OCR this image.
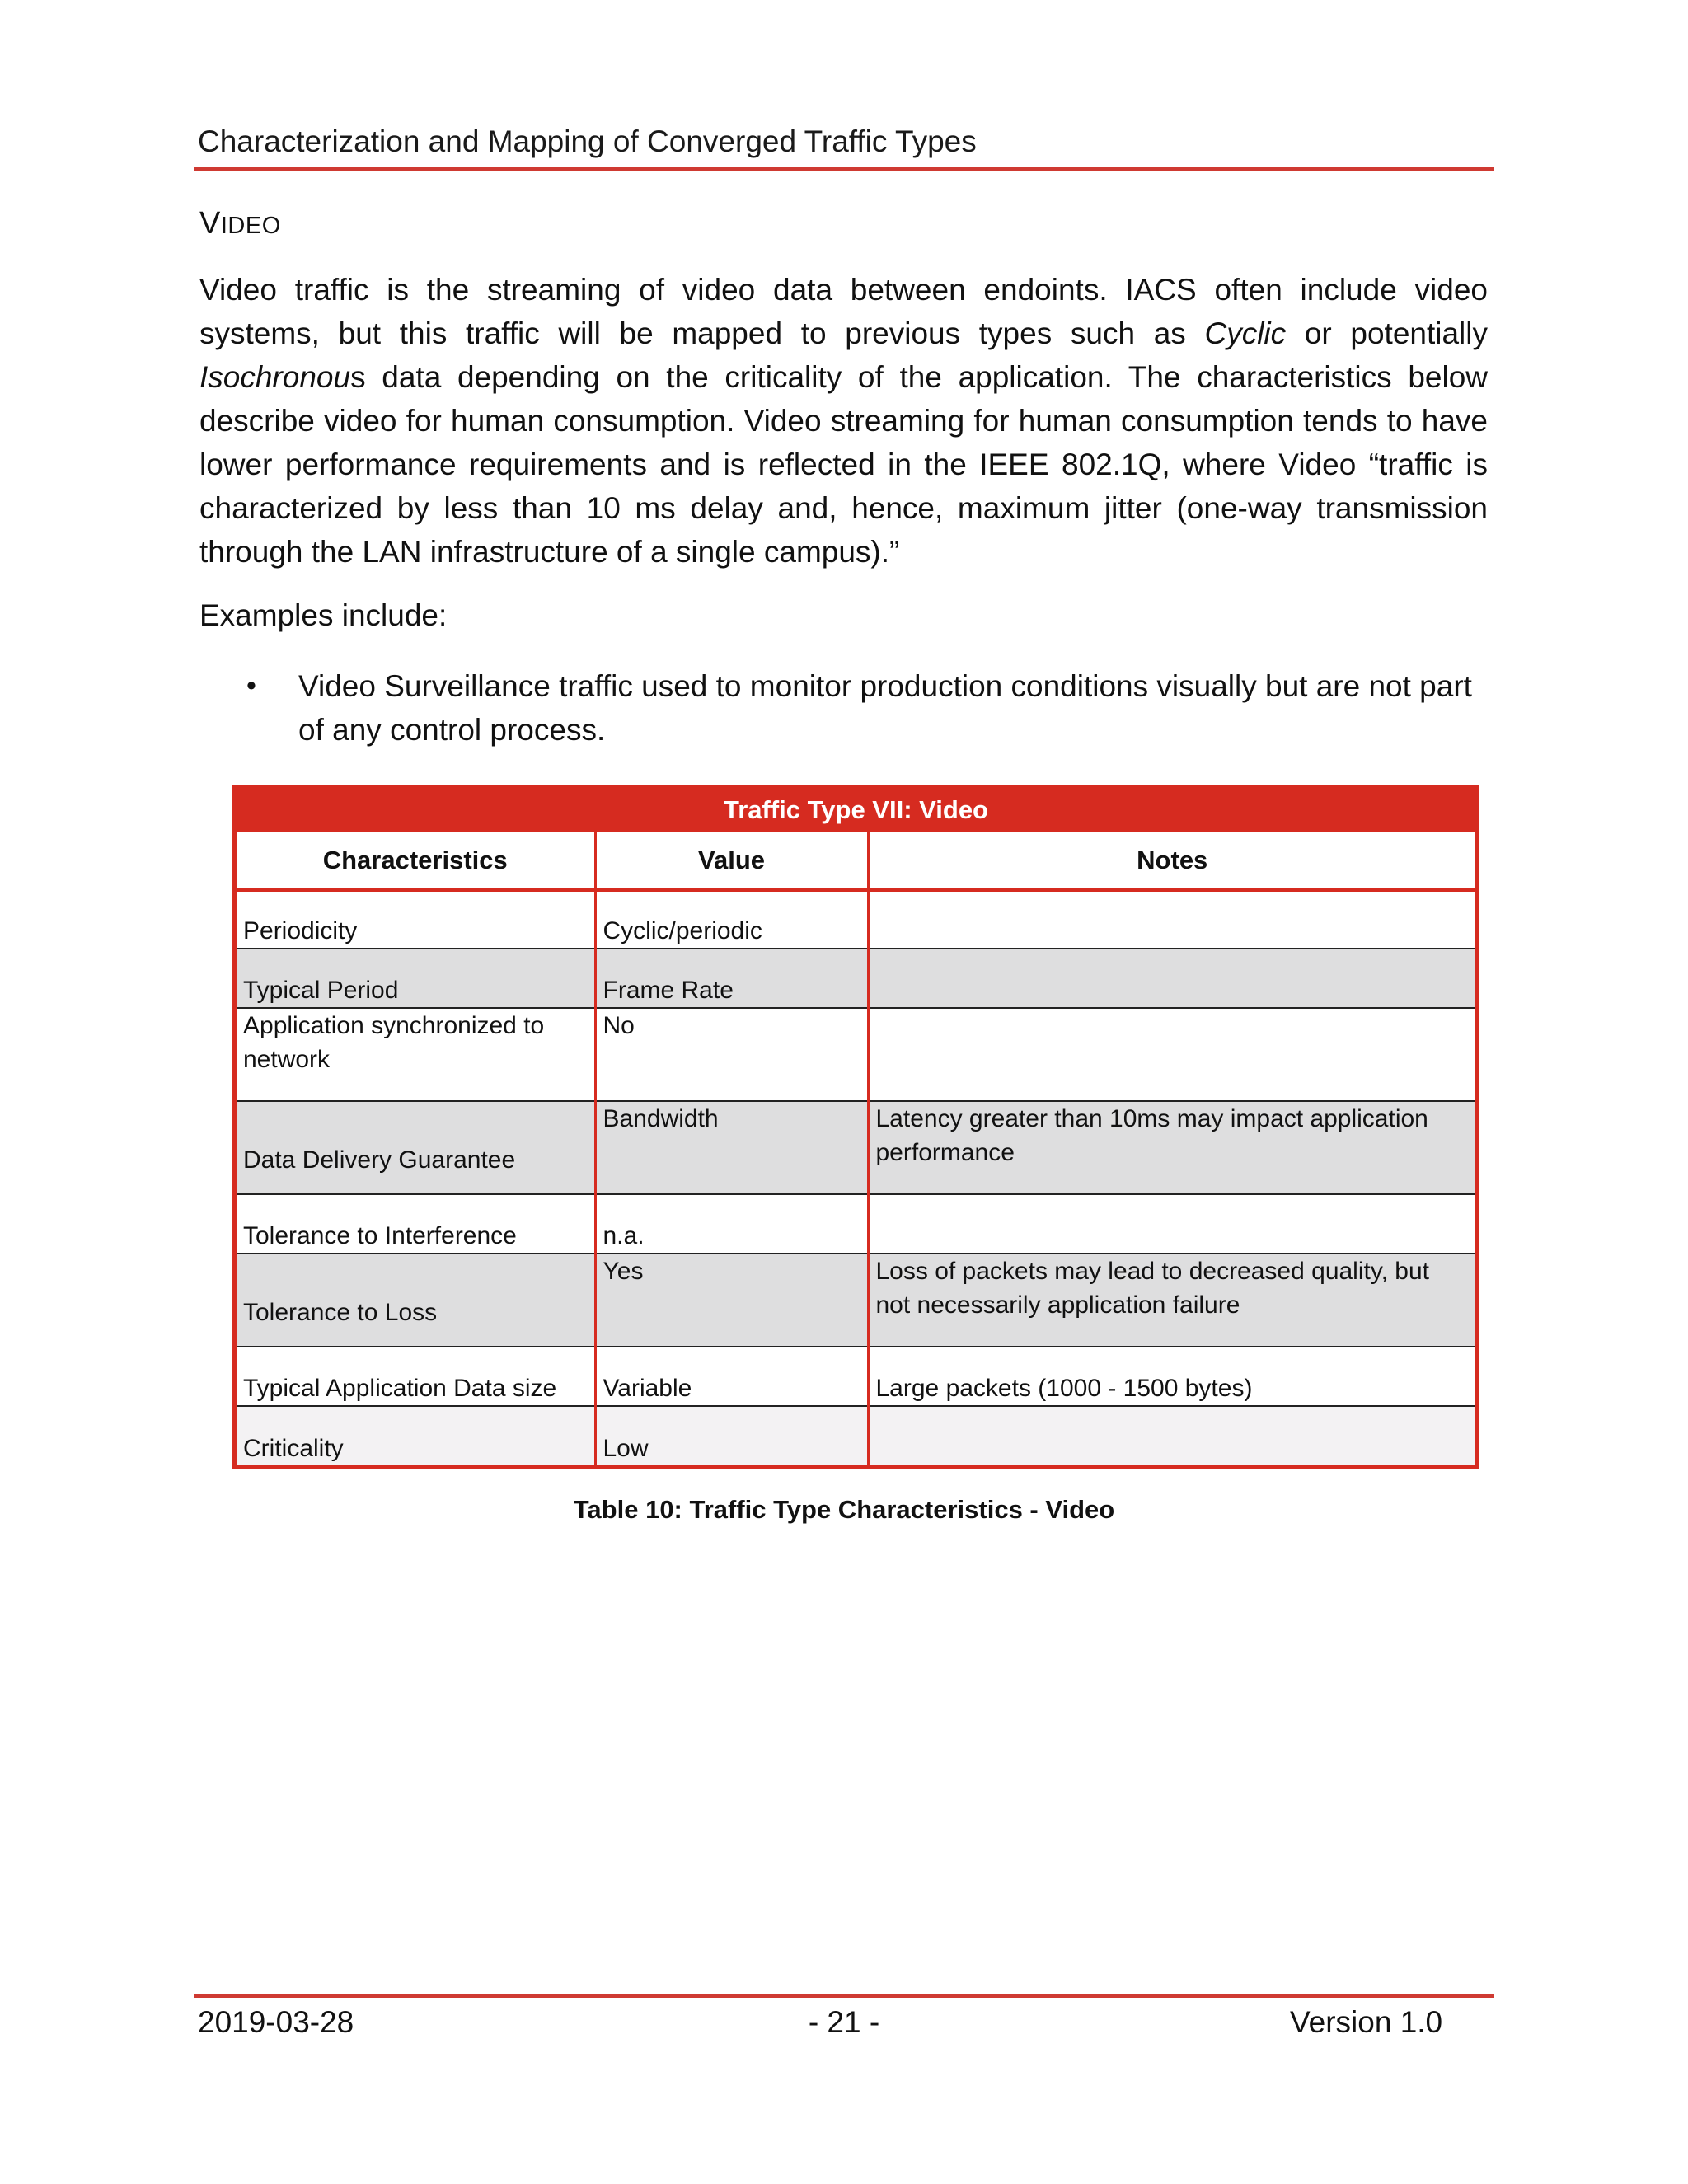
Characterization and Mapping of Converged Traffic Types
VIDEO
Video traffic is the streaming of video data between endoints. IACS often include video systems, but this traffic will be mapped to previous types such as Cyclic or potentially Isochronous data depending on the criticality of the application. The characteristics below describe video for human consumption. Video streaming for human consumption tends to have lower performance requirements and is reflected in the IEEE 802.1Q, where Video “traffic is characterized by less than 10 ms delay and, hence, maximum jitter (one-way transmission through the LAN infrastructure of a single campus).”
Examples include:
• Video Surveillance traffic used to monitor production conditions visually but are not part of any control process.
Traffic Type VII: Video
Characteristics	Value	Notes
Periodicity	Cyclic/periodic	
Typical Period	Frame Rate	
Application synchronized to network	No	
Data Delivery Guarantee	Bandwidth	Latency greater than 10ms may impact application performance
Tolerance to Interference	n.a.	
Tolerance to Loss	Yes	Loss of packets may lead to decreased quality, but not necessarily application failure
Typical Application Data size	Variable	Large packets (1000 - 1500 bytes)
Criticality	Low	
Table 10: Traffic Type Characteristics - Video
2019-03-28	- 21 -	Version 1.0
